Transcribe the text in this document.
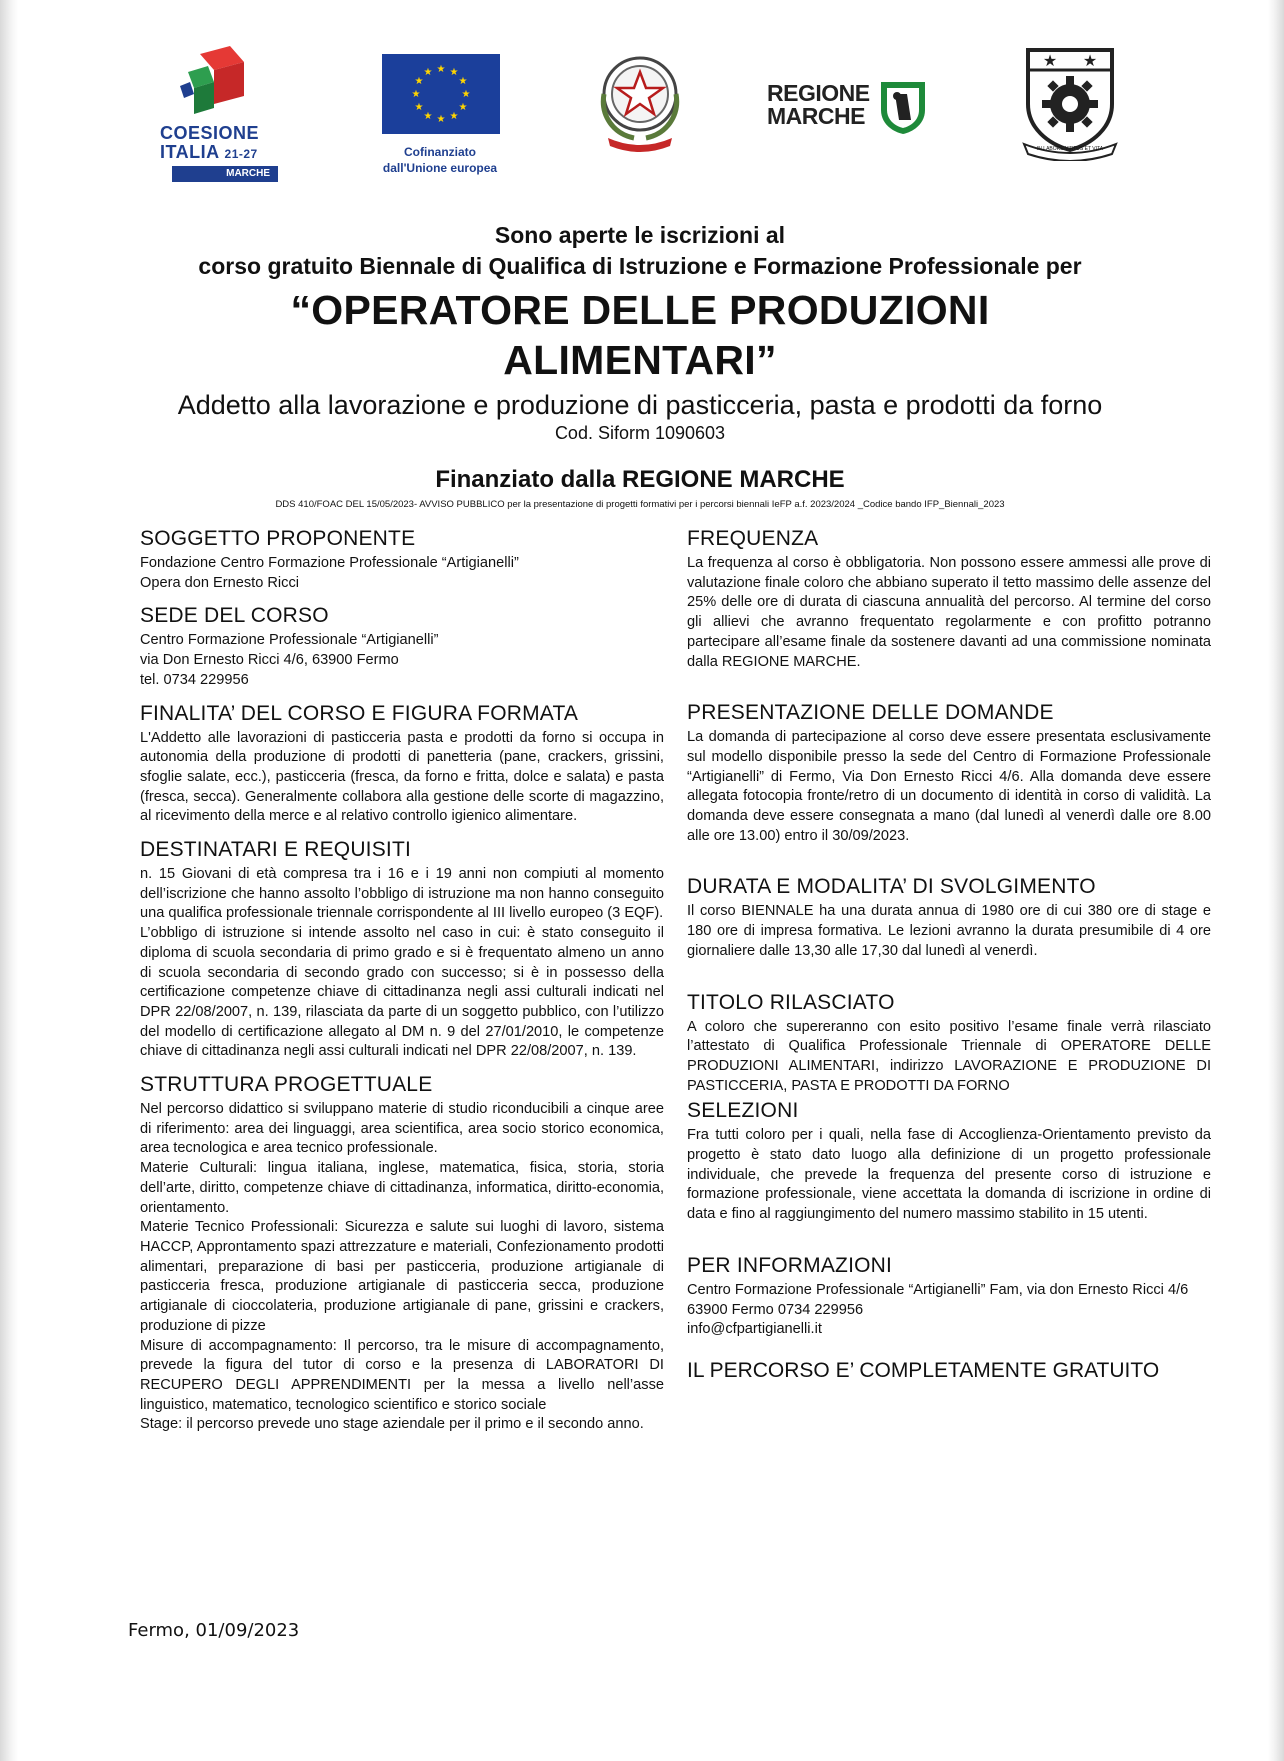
COESIONE
ITALIA 21-27
MARCHE
★ ★
★
★
★
★
★
★
★
★
★
★
Cofinanziato
dall'Unione europea
REGIONE
MARCHE
★ ★
IN LABORE VIRTUS ET VITA
Sono aperte le iscrizioni al
corso gratuito Biennale di Qualifica di Istruzione e Formazione Professionale per
“OPERATORE DELLE PRODUZIONI
ALIMENTARI”
Addetto alla lavorazione e produzione di pasticceria, pasta e prodotti da forno
Cod. Siform 1090603
Finanziato dalla REGIONE MARCHE
DDS 410/FOAC DEL 15/05/2023- AVVISO PUBBLICO per la presentazione di progetti formativi per i percorsi biennali IeFP a.f. 2023/2024 _Codice bando IFP_Biennali_2023
SOGGETTO PROPONENTE

Fondazione Centro Formazione Professionale “Artigianelli”

Opera don Ernesto Ricci

SEDE DEL CORSO

Centro Formazione Professionale “Artigianelli”

via Don Ernesto Ricci 4/6, 63900 Fermo

tel. 0734 229956

FINALITA’ DEL CORSO E FIGURA FORMATA

L'Addetto alle lavorazioni di pasticceria pasta e prodotti da forno si occupa in autonomia della produzione di prodotti di panetteria (pane, crackers, grissini, sfoglie salate, ecc.), pasticceria (fresca, da forno e fritta, dolce e salata) e pasta (fresca, secca). Generalmente collabora alla gestione delle scorte di magazzino, al ricevimento della merce e al relativo controllo igienico alimentare.

DESTINATARI E REQUISITI

n. 15 Giovani di età compresa tra i 16 e i 19 anni non compiuti al momento dell’iscrizione che hanno assolto l’obbligo di istruzione ma non hanno conseguito una qualifica professionale triennale corrispondente al III livello europeo (3 EQF).

L’obbligo di istruzione si intende assolto nel caso in cui: è stato conseguito il diploma di scuola secondaria di primo grado e si è frequentato almeno un anno di scuola secondaria di secondo grado con successo; si è in possesso della certificazione competenze chiave di cittadinanza negli assi culturali indicati nel DPR 22/08/2007, n. 139, rilasciata da parte di un soggetto pubblico, con l’utilizzo del modello di certificazione allegato al DM n. 9 del 27/01/2010, le competenze chiave di cittadinanza negli assi culturali indicati nel DPR 22/08/2007, n. 139.

STRUTTURA PROGETTUALE

Nel percorso didattico si sviluppano materie di studio riconducibili a cinque aree di riferimento: area dei linguaggi, area scientifica, area socio storico economica, area tecnologica e area tecnico professionale.

Materie Culturali: lingua italiana, inglese, matematica, fisica, storia, storia dell’arte, diritto, competenze chiave di cittadinanza, informatica, diritto-economia, orientamento.

Materie Tecnico Professionali: Sicurezza e salute sui luoghi di lavoro, sistema HACCP, Approntamento spazi attrezzature e materiali, Confezionamento prodotti alimentari, preparazione di basi per pasticceria, produzione artigianale di pasticceria fresca, produzione artigianale di pasticceria secca, produzione artigianale di cioccolateria, produzione artigianale di pane, grissini e crackers, produzione di pizze

Misure di accompagnamento: Il percorso, tra le misure di accompagnamento, prevede la figura del tutor di corso e la presenza di LABORATORI DI RECUPERO DEGLI APPRENDIMENTI per la messa a livello nell’asse linguistico, matematico, tecnologico scientifico e storico sociale

Stage: il percorso prevede uno stage aziendale per il primo e il secondo anno.

FREQUENZA

La frequenza al corso è obbligatoria. Non possono essere ammessi alle prove di valutazione finale coloro che abbiano superato il tetto massimo delle assenze del 25% delle ore di durata di ciascuna annualità del percorso. Al termine del corso gli allievi che avranno frequentato regolarmente e con profitto potranno partecipare all’esame finale da sostenere davanti ad una commissione nominata dalla REGIONE MARCHE.

PRESENTAZIONE DELLE DOMANDE

La domanda di partecipazione al corso deve essere presentata esclusivamente sul modello disponibile presso la sede del Centro di Formazione Professionale “Artigianelli” di Fermo, Via Don Ernesto Ricci 4/6. Alla domanda deve essere allegata fotocopia fronte/retro di un documento di identità in corso di validità. La domanda deve essere consegnata a mano (dal lunedì al venerdì dalle ore 8.00 alle ore 13.00) entro il 30/09/2023.

DURATA E MODALITA’ DI SVOLGIMENTO

Il corso BIENNALE ha una durata annua di 1980 ore di cui 380 ore di stage e 180 ore di impresa formativa. Le lezioni avranno la durata presumibile di 4 ore giornaliere dalle 13,30 alle 17,30 dal lunedì al venerdì.

TITOLO RILASCIATO

A coloro che supereranno con esito positivo l’esame finale verrà rilasciato l’attestato di Qualifica Professionale Triennale di OPERATORE DELLE PRODUZIONI ALIMENTARI, indirizzo LAVORAZIONE E PRODUZIONE DI PASTICCERIA, PASTA E PRODOTTI DA FORNO

SELEZIONI

Fra tutti coloro per i quali, nella fase di Accoglienza-Orientamento previsto da progetto è stato dato luogo alla definizione di un progetto professionale individuale, che prevede la frequenza del presente corso di istruzione e formazione professionale, viene accettata la domanda di iscrizione in ordine di data e fino al raggiungimento del numero massimo stabilito in 15 utenti.

PER INFORMAZIONI

Centro Formazione Professionale “Artigianelli” Fam, via don Ernesto Ricci 4/6 63900 Fermo 0734 229956

info@cfpartigianelli.it

IL PERCORSO E’ COMPLETAMENTE GRATUITO
Fermo, 01/09/2023
